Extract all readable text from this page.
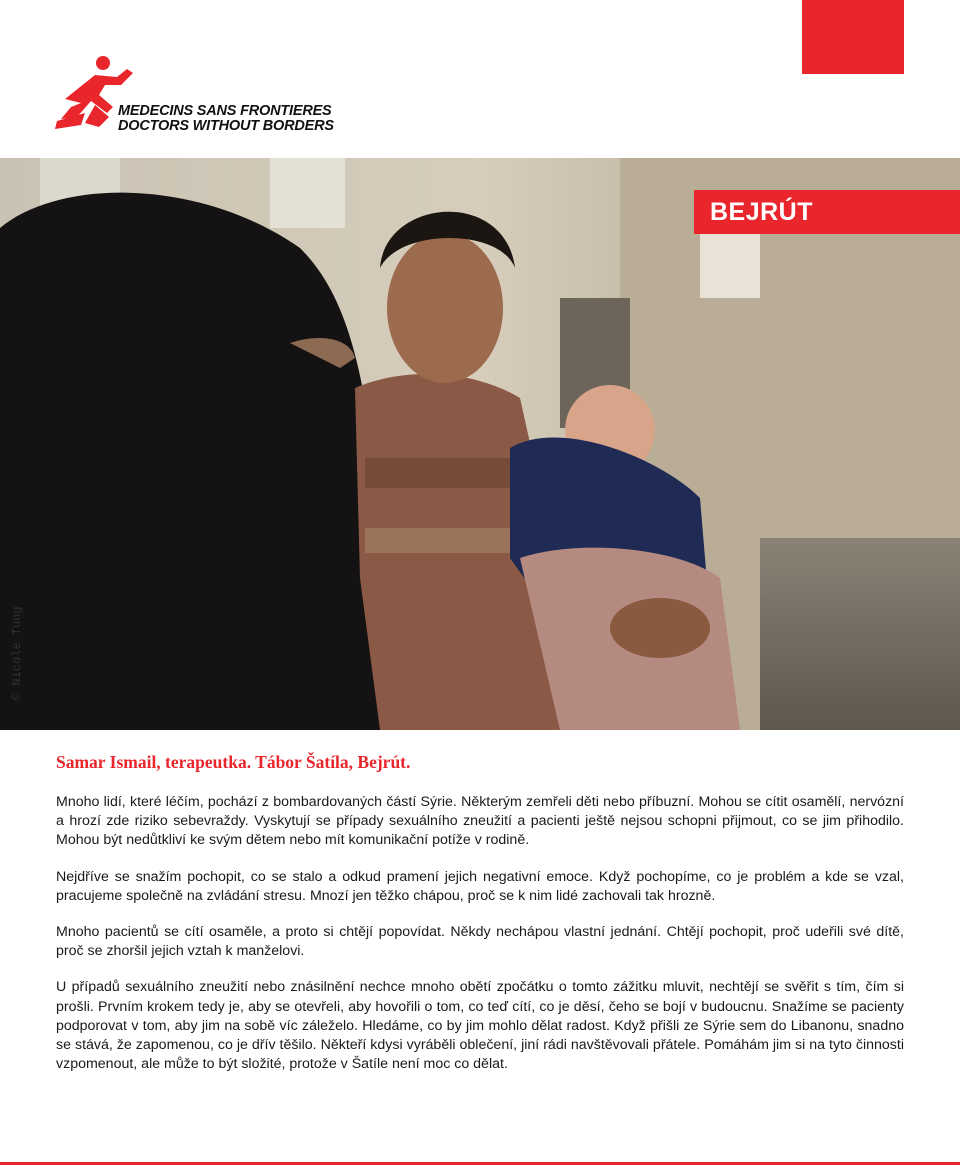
MEDECINS SANS FRONTIERES
DOCTORS WITHOUT BORDERS
© Nicole Tung
BEJRÚT
Samar Ismail, terapeutka. Tábor Šatíla, Bejrút.

Mnoho lidí, které léčím, pochází z bombardovaných částí Sýrie. Některým zemřeli děti nebo příbuzní. Mohou se cítit osamělí, nervózní a hrozí zde riziko sebevraždy. Vyskytují se případy sexuálního zneužití a pacienti ještě nejsou schopni přijmout, co se jim přihodilo. Mohou být nedůtkliví ke svým dětem nebo mít komunikační potíže v rodině.

Nejdříve se snažím pochopit, co se stalo a odkud pramení jejich negativní emoce. Když pochopíme, co je problém a kde se vzal, pracujeme společně na zvládání stresu. Mnozí jen těžko chápou, proč se k nim lidé zachovali tak hrozně.

Mnoho pacientů se cítí osaměle, a proto si chtějí popovídat. Někdy nechápou vlastní jednání. Chtějí pochopit, proč udeřili své dítě, proč se zhoršil jejich vztah k manželovi.

U případů sexuálního zneužití nebo znásilnění nechce mnoho obětí zpočátku o tomto zážitku mluvit, nechtějí se svěřit s tím, čím si prošli. Prvním krokem tedy je, aby se otevřeli, aby hovořili o tom, co teď cítí, co je děsí, čeho se bojí v budoucnu. Snažíme se pacienty podporovat v tom, aby jim na sobě víc záleželo. Hledáme, co by jim mohlo dělat radost. Když přišli ze Sýrie sem do Libanonu, snadno se stává, že zapomenou, co je dřív těšilo. Někteří kdysi vyráběli oblečení, jiní rádi navštěvovali přátele. Pomáhám jim si na tyto činnosti vzpomenout, ale může to být složité, protože v Šatíle není moc co dělat.
